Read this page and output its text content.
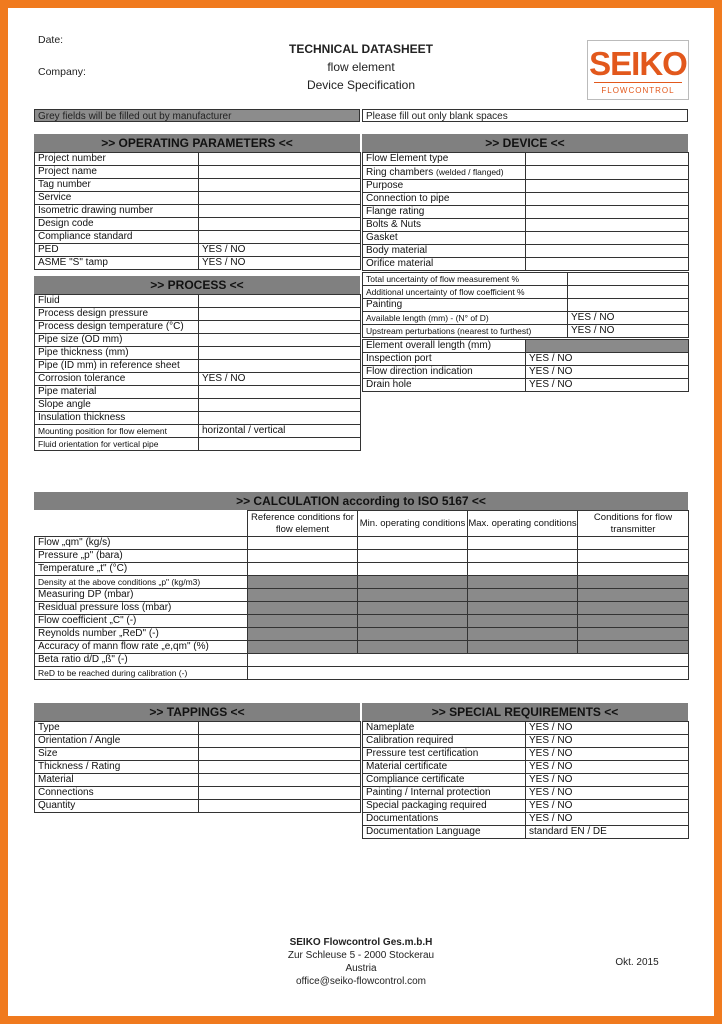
Date:
Company:
TECHNICAL DATASHEET
flow element
Device Specification
SEIKO
FLOWCONTROL
Grey fields will be filled out by manufacturer	Please fill out only blank spaces
>> OPERATING PARAMETERS <<
Project number	
Project name	
Tag number	
Service	
Isometric drawing number	
Design code	
Compliance standard	
PED	YES / NO
ASME "S" tamp	YES / NO
>> PROCESS <<
Fluid	
Process design pressure	
Process design temperature (°C)	
Pipe size (OD mm)	
Pipe thickness (mm)	
Pipe (ID mm) in reference sheet	
Corrosion tolerance	YES / NO
Pipe material	
Slope angle	
Insulation thickness	
Mounting position for flow element	horizontal / vertical
Fluid orientation for vertical pipe	
>> DEVICE <<
Flow Element type	
Ring chambers (welded / flanged)	
Purpose	
Connection to pipe	
Flange rating	
Bolts & Nuts	
Gasket	
Body material	
Orifice material	
Total uncertainty of flow measurement %	
Additional uncertainty of flow coefficient %	
Painting	
Available length (mm) - (N° of D)	YES / NO
Upstream perturbations (nearest to furthest)	YES / NO
Element overall length (mm)	
Inspection port	YES / NO
Flow direction indication	YES / NO
Drain hole	YES / NO
>> CALCULATION according to ISO 5167 <<
	Reference conditions for flow element	Min. operating conditions	Max. operating conditions	Conditions for flow transmitter
Flow „qm" (kg/s)				
Pressure „p" (bara)				
Temperature „t" (°C)				
Density at the above conditions „p" (kg/m3)				
Measuring DP (mbar)				
Residual pressure loss (mbar)				
Flow coefficient „C" (-)				
Reynolds number „ReD" (-)				
Accuracy of mann flow rate „e,qm" (%)				
Beta ratio d/D „ß" (-)				
ReD to be reached during calibration (-)				
>> TAPPINGS <<
Type	
Orientation / Angle	
Size	
Thickness / Rating	
Material	
Connections	
Quantity	
>> SPECIAL REQUIREMENTS <<
Nameplate	YES / NO
Calibration required	YES / NO
Pressure test certification	YES / NO
Material certificate	YES / NO
Compliance certificate	YES / NO
Painting / Internal protection	YES / NO
Special packaging required	YES / NO
Documentations	YES / NO
Documentation Language	standard EN / DE
SEIKO Flowcontrol Ges.m.b.H
Zur Schleuse 5 - 2000 Stockerau
Austria
office@seiko-flowcontrol.com
Okt. 2015
